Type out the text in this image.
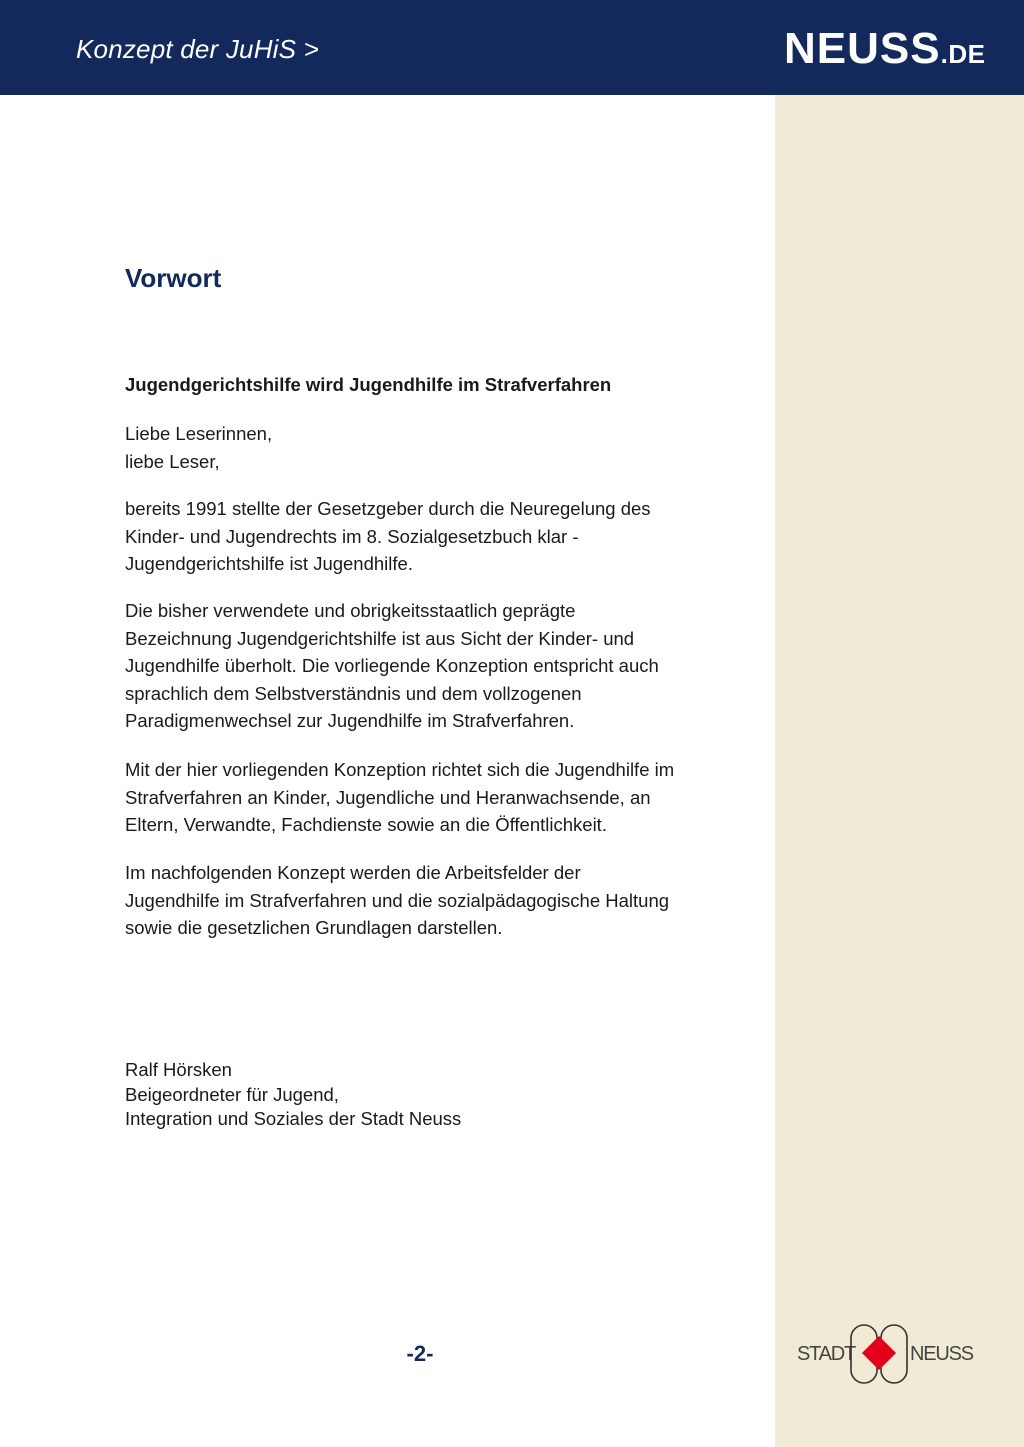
Konzept der JuHiS >	NEUSS.DE
Vorwort
Jugendgerichtshilfe wird Jugendhilfe im Strafverfahren

Liebe Leserinnen,
liebe Leser,

bereits 1991 stellte der Gesetzgeber durch die Neuregelung des
Kinder- und Jugendrechts im 8. Sozialgesetzbuch klar -
Jugendgerichtshilfe ist Jugendhilfe.

Die bisher verwendete und obrigkeitsstaatlich geprägte
Bezeichnung Jugendgerichtshilfe ist aus Sicht der Kinder- und
Jugendhilfe überholt. Die vorliegende Konzeption entspricht auch
sprachlich dem Selbstverständnis und dem vollzogenen
Paradigmenwechsel zur Jugendhilfe im Strafverfahren.

Mit der hier vorliegenden Konzeption richtet sich die Jugendhilfe im
Strafverfahren an Kinder, Jugendliche und Heranwachsende, an
Eltern, Verwandte, Fachdienste sowie an die Öffentlichkeit.

Im nachfolgenden Konzept werden die Arbeitsfelder der
Jugendhilfe im Strafverfahren und die sozialpädagogische Haltung
sowie die gesetzlichen Grundlagen darstellen.

Ralf Hörsken
Beigeordneter für Jugend,
Integration und Soziales der Stadt Neuss
-2-	STADT	NEUSS
